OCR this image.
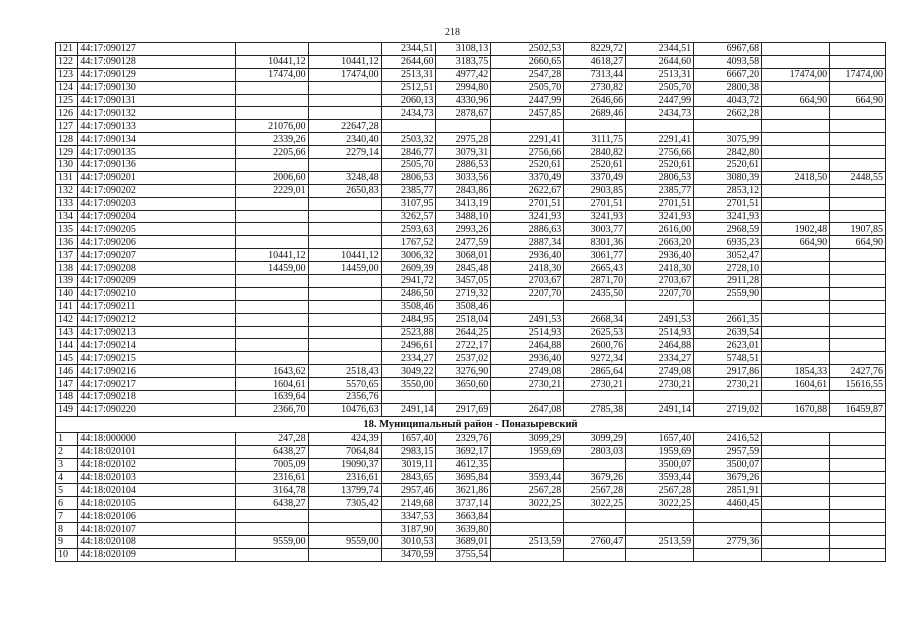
218
121	44:17:090127			2344,51	3108,13	2502,53	8229,72	2344,51	6967,68		
122	44:17:090128	10441,12	10441,12	2644,60	3183,75	2660,65	4618,27	2644,60	4093,58		
123	44:17:090129	17474,00	17474,00	2513,31	4977,42	2547,28	7313,44	2513,31	6667,20	17474,00	17474,00
124	44:17:090130			2512,51	2994,80	2505,70	2730,82	2505,70	2800,38		
125	44:17:090131			2060,13	4330,96	2447,99	2646,66	2447,99	4043,72	664,90	664,90
126	44:17:090132			2434,73	2878,67	2457,85	2689,46	2434,73	2662,28		
127	44:17:090133	21076,00	22647,28								
128	44:17:090134	2339,26	2340,40	2503,32	2975,28	2291,41	3111,75	2291,41	3075,99		
129	44:17:090135	2205,66	2279,14	2846,77	3079,31	2756,66	2840,82	2756,66	2842,80		
130	44:17:090136			2505,70	2886,53	2520,61	2520,61	2520,61	2520,61		
131	44:17:090201	2006,60	3248,48	2806,53	3033,56	3370,49	3370,49	2806,53	3080,39	2418,50	2448,55
132	44:17:090202	2229,01	2650,83	2385,77	2843,86	2622,67	2903,85	2385,77	2853,12		
133	44:17:090203			3107,95	3413,19	2701,51	2701,51	2701,51	2701,51		
134	44:17:090204			3262,57	3488,10	3241,93	3241,93	3241,93	3241,93		
135	44:17:090205			2593,63	2993,26	2886,63	3003,77	2616,00	2968,59	1902,48	1907,85
136	44:17:090206			1767,52	2477,59	2887,34	8301,36	2663,20	6935,23	664,90	664,90
137	44:17:090207	10441,12	10441,12	3006,32	3068,01	2936,40	3061,77	2936,40	3052,47		
138	44:17:090208	14459,00	14459,00	2609,39	2845,48	2418,30	2665,43	2418,30	2728,10		
139	44:17:090209			2941,72	3457,05	2703,67	2871,70	2703,67	2911,28		
140	44:17:090210			2486,50	2719,32	2207,70	2435,50	2207,70	2559,90		
141	44:17:090211			3508,46	3508,46						
142	44:17:090212			2484,95	2518,04	2491,53	2668,34	2491,53	2661,35		
143	44:17:090213			2523,88	2644,25	2514,93	2625,53	2514,93	2639,54		
144	44:17:090214			2496,61	2722,17	2464,88	2600,76	2464,88	2623,01		
145	44:17:090215			2334,27	2537,02	2936,40	9272,34	2334,27	5748,51		
146	44:17:090216	1643,62	2518,43	3049,22	3276,90	2749,08	2865,64	2749,08	2917,86	1854,33	2427,76
147	44:17:090217	1604,61	5570,65	3550,00	3650,60	2730,21	2730,21	2730,21	2730,21	1604,61	15616,55
148	44:17:090218	1639,64	2356,76								
149	44:17:090220	2366,70	10476,63	2491,14	2917,69	2647,08	2785,38	2491,14	2719,02	1670,88	16459,87
18. Муниципальный район - Поназыревский											
1	44:18:000000	247,28	424,39	1657,40	2329,76	3099,29	3099,29	1657,40	2416,52		
2	44:18:020101	6438,27	7064,84	2983,15	3692,17	1959,69	2803,03	1959,69	2957,59		
3	44:18:020102	7005,09	19090,37	3019,11	4612,35			3500,07	3500,07		
4	44:18:020103	2316,61	2316,61	2843,65	3695,84	3593,44	3679,26	3593,44	3679,26		
5	44:18:020104	3164,78	13799,74	2957,46	3621,86	2567,28	2567,28	2567,28	2851,91		
6	44:18:020105	6438,27	7305,42	2149,68	3737,14	3022,25	3022,25	3022,25	4460,45		
7	44:18:020106			3347,53	3663,84						
8	44:18:020107			3187,90	3639,80						
9	44:18:020108	9559,00	9559,00	3010,53	3689,01	2513,59	2760,47	2513,59	2779,36		
10	44:18:020109			3470,59	3755,54						
